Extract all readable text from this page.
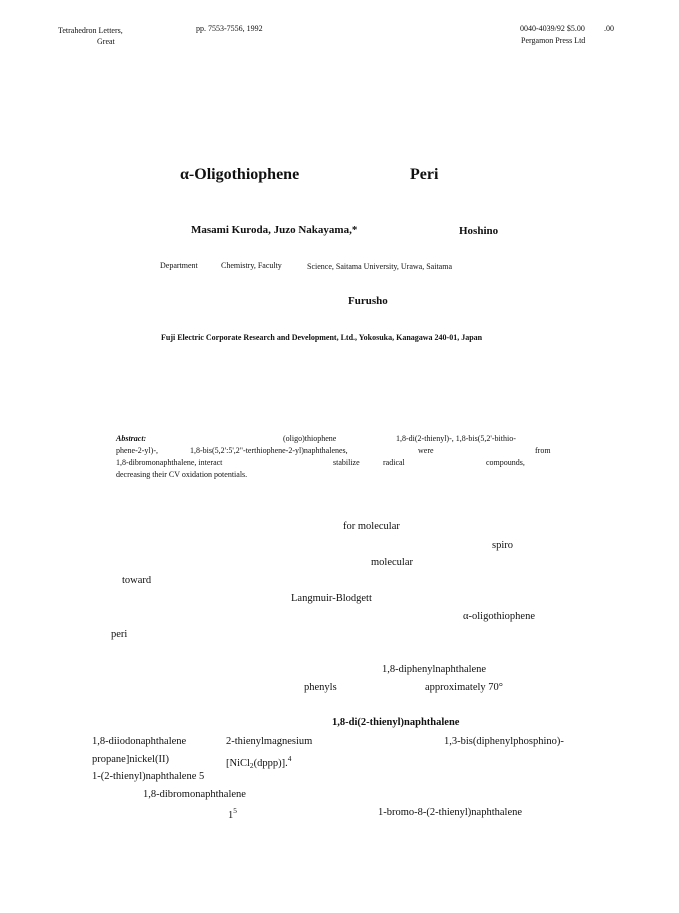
Tetrahedron Letters,
Great
pp. 7553-7556, 1992	0040-4039/92 $5.00 .00
Pergamon Press Ltd
α-Oligothiophene	Peri
Masami Kuroda, Juzo Nakayama,*	Hoshino
Department	Chemistry, Faculty	Science, Saitama University, Urawa, Saitama
Furusho
Fuji Electric Corporate Research and Development, Ltd., Yokosuka, Kanagawa 240-01, Japan
Abstract:	(oligo)thiophene	1,8-di(2-thienyl)-, 1,8-bis(5,2'-bithio-
phene-2-yl)-,	1,8-bis(5,2':5',2"-terthiophene-2-yl)naphthalenes,	were	from
1,8-dibromonaphthalene, interact	stabilize	radical	compounds,
decreasing their CV oxidation potentials.
for molecular
spiro
molecular
toward
Langmuir-Blodgett
α-oligothiophene
peri
1,8-diphenylnaphthalene
phenyls	approximately 70°
1,8-di(2-thienyl)naphthalene
1,8-diiodonaphthalene	2-thienylmagnesium	1,3-bis(diphenylphosphino)-
propane]nickel(II)	[NiCl$_2$(dppp)].$^4$
1-(2-thienyl)naphthalene 5
1,8-dibromonaphthalene
$1^5$	1-bromo-8-(2-thienyl)naphthalene
